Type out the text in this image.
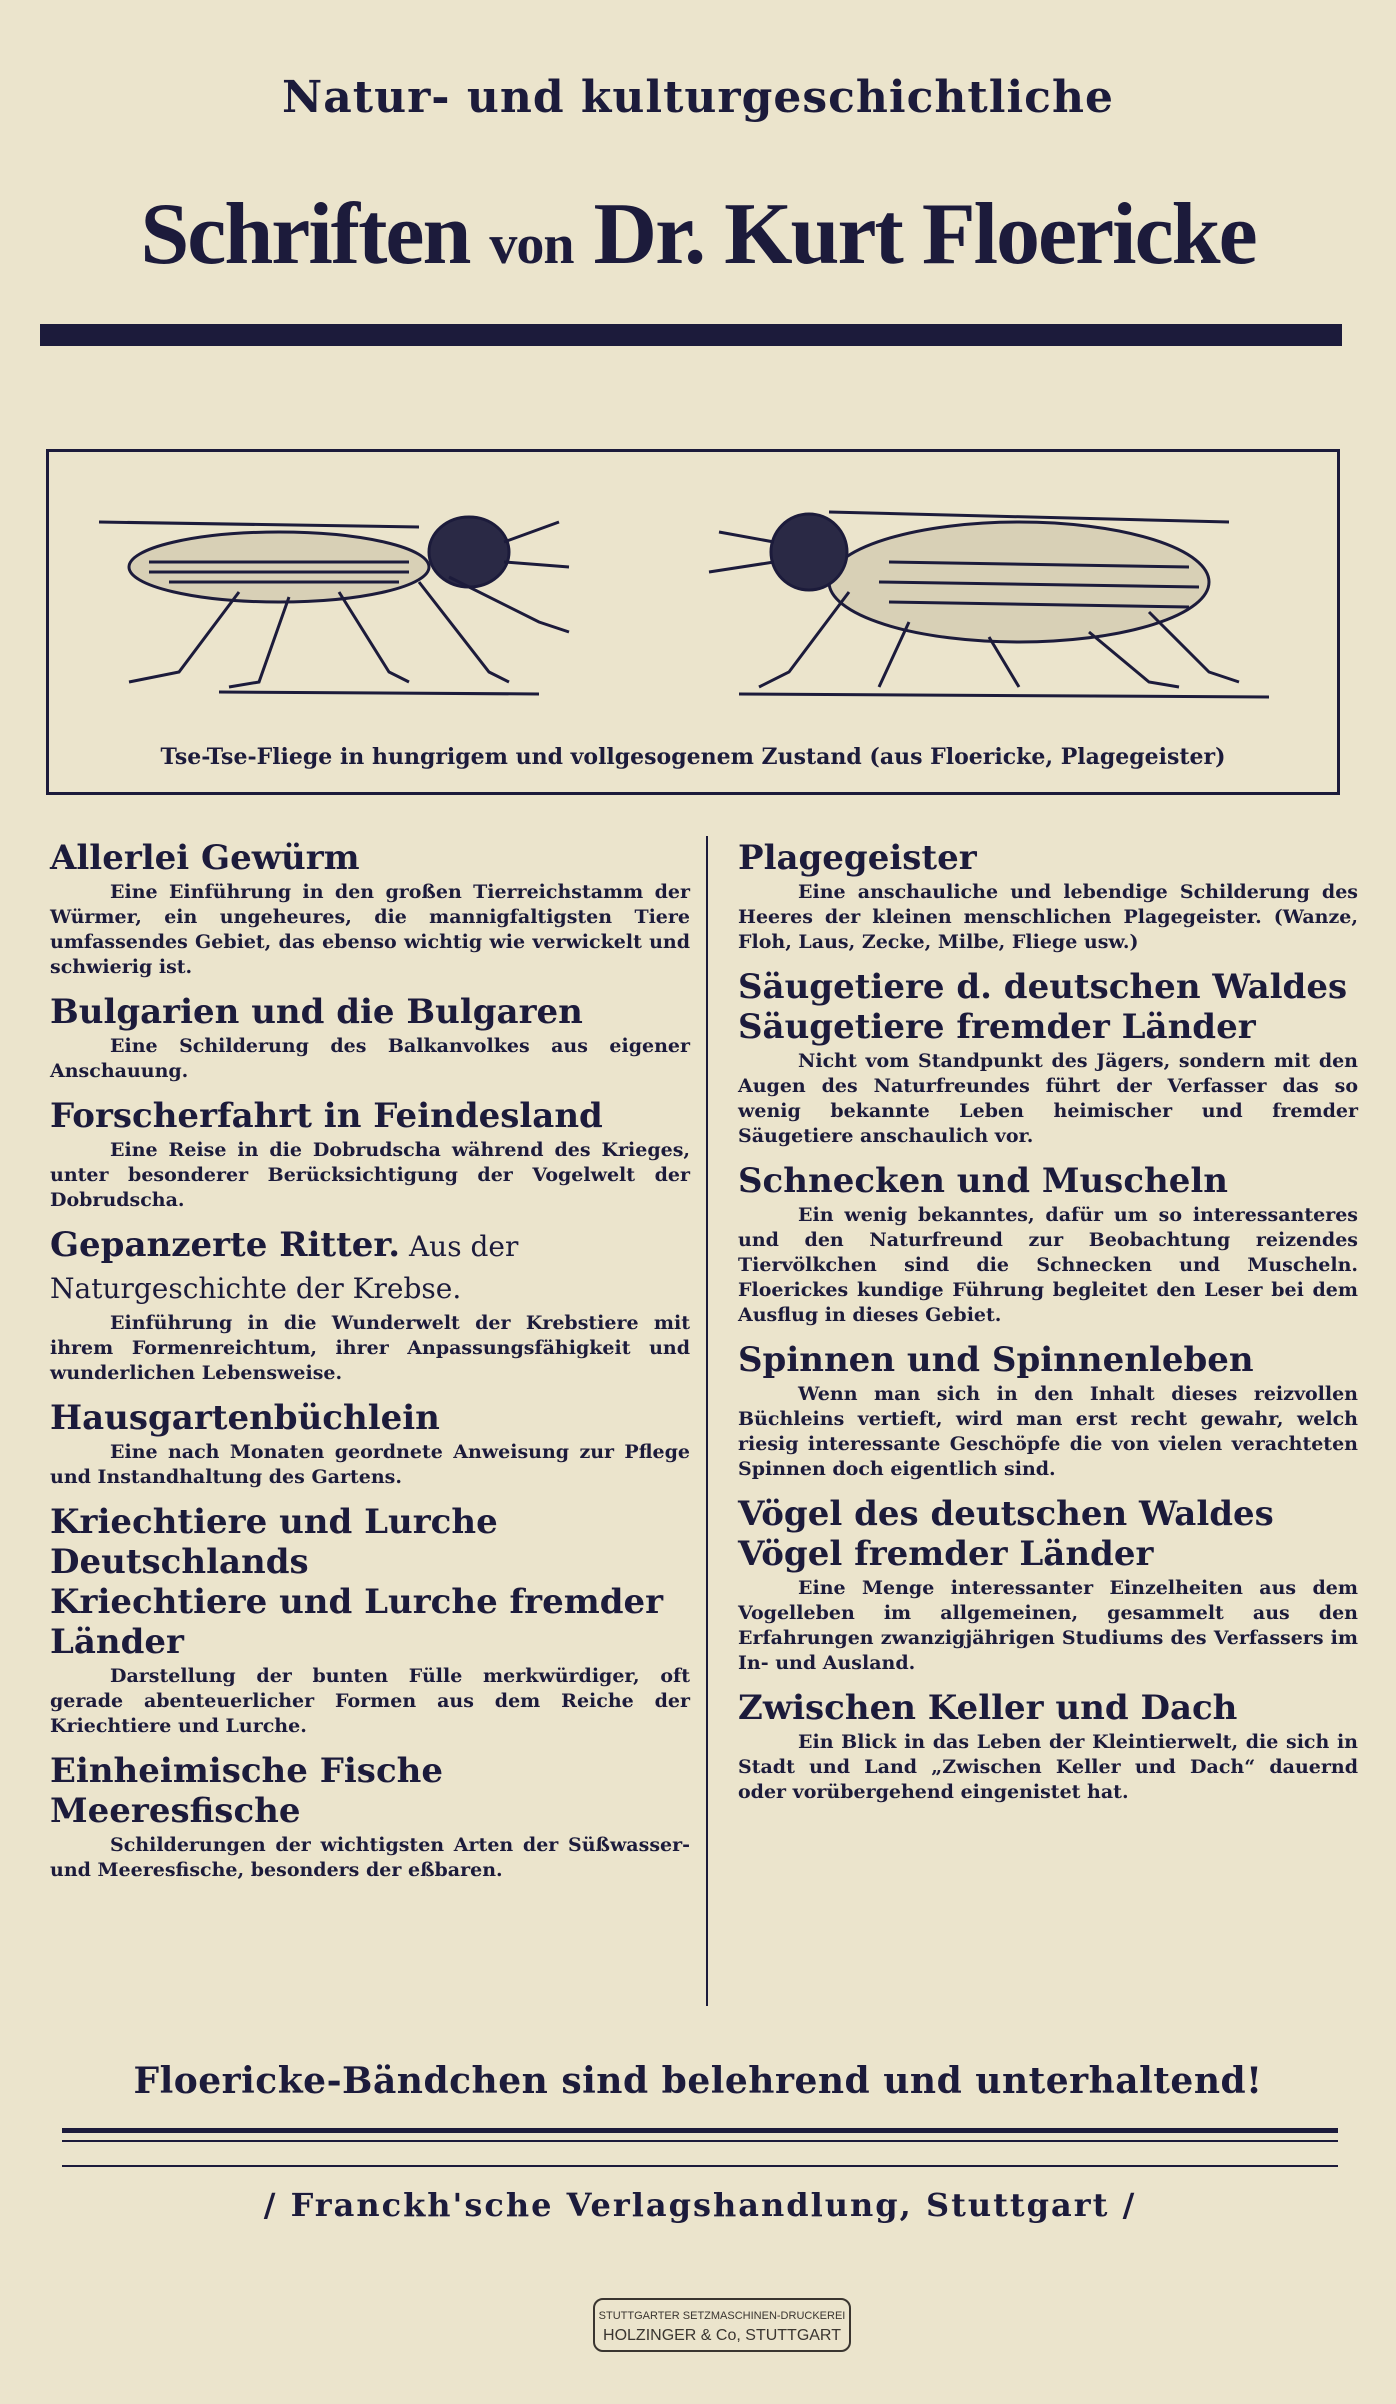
Natur- und kulturgeschichtliche
Schriften von Dr. Kurt Floericke
Tse-Tse-Fliege in hungrigem und vollgesogenem Zustand (aus Floericke, Plagegeister)
Allerlei Gewürm

Eine Einführung in den großen Tierreichstamm der Würmer, ein ungeheures, die mannigfaltigsten Tiere umfassendes Gebiet, das ebenso wichtig wie verwickelt und schwierig ist.

Bulgarien und die Bulgaren

Eine Schilderung des Balkanvolkes aus eigener Anschauung.

Forscherfahrt in Feindesland

Eine Reise in die Dobrudscha während des Krieges, unter besonderer Berücksichtigung der Vogelwelt der Dobrudscha.

Gepanzerte Ritter. Aus der Naturgeschichte der Krebse.

Einführung in die Wunderwelt der Krebstiere mit ihrem Formenreichtum, ihrer Anpassungsfähigkeit und wunderlichen Lebensweise.

Hausgartenbüchlein

Eine nach Monaten geordnete Anweisung zur Pflege und Instandhaltung des Gartens.

Kriechtiere und Lurche Deutschlands
Kriechtiere und Lurche fremder Länder

Darstellung der bunten Fülle merkwürdiger, oft gerade abenteuerlicher Formen aus dem Reiche der Kriechtiere und Lurche.

Einheimische Fische
Meeresfische

Schilderungen der wichtigsten Arten der Süßwasser- und Meeresfische, besonders der eßbaren.

Plagegeister

Eine anschauliche und lebendige Schilderung des Heeres der kleinen menschlichen Plagegeister. (Wanze, Floh, Laus, Zecke, Milbe, Fliege usw.)

Säugetiere d. deutschen Waldes
Säugetiere fremder Länder

Nicht vom Standpunkt des Jägers, sondern mit den Augen des Naturfreundes führt der Verfasser das so wenig bekannte Leben heimischer und fremder Säugetiere anschaulich vor.

Schnecken und Muscheln

Ein wenig bekanntes, dafür um so interessanteres und den Naturfreund zur Beobachtung reizendes Tiervölkchen sind die Schnecken und Muscheln. Floerickes kundige Führung begleitet den Leser bei dem Ausflug in dieses Gebiet.

Spinnen und Spinnenleben

Wenn man sich in den Inhalt dieses reizvollen Büchleins vertieft, wird man erst recht gewahr, welch riesig interessante Geschöpfe die von vielen verachteten Spinnen doch eigentlich sind.

Vögel des deutschen Waldes
Vögel fremder Länder

Eine Menge interessanter Einzelheiten aus dem Vogelleben im allgemeinen, gesammelt aus den Erfahrungen zwanzigjährigen Studiums des Verfassers im In- und Ausland.

Zwischen Keller und Dach

Ein Blick in das Leben der Kleintierwelt, die sich in Stadt und Land „Zwischen Keller und Dach“ dauernd oder vorübergehend eingenistet hat.

Floericke-Bändchen sind belehrend und unterhaltend!
/ Franckh'sche Verlagshandlung, Stuttgart /
STUTTGARTER SETZMASCHINEN-DRUCKEREI
HOLZINGER & Co, STUTTGART
